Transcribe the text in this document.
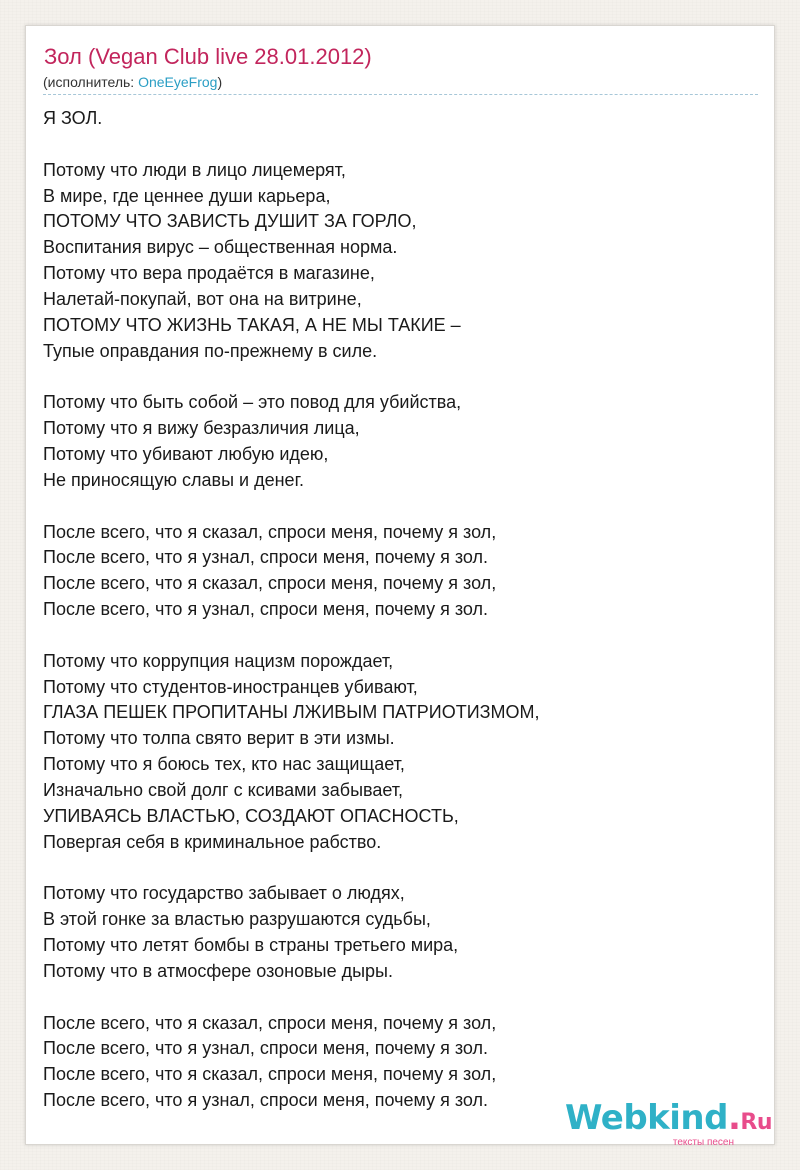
Зол (Vegan Club live 28.01.2012)
(исполнитель: OneEyeFrog)
Я ЗОЛ.
Потому что люди в лицо лицемерят,
В мире, где ценнее души карьера,
ПОТОМУ ЧТО ЗАВИСТЬ ДУШИТ ЗА ГОРЛО,
Воспитания вирус – общественная норма.
Потому что вера продаётся в магазине,
Налетай-покупай, вот она на витрине,
ПОТОМУ ЧТО ЖИЗНЬ ТАКАЯ, А НЕ МЫ ТАКИЕ –
Тупые оправдания по-прежнему в силе.
Потому что быть собой – это повод для убийства,
Потому что я вижу безразличия лица,
Потому что убивают любую идею,
Не приносящую славы и денег.
После всего, что я сказал, спроси меня, почему я зол,
После всего, что я узнал, спроси меня, почему я зол.
После всего, что я сказал, спроси меня, почему я зол,
После всего, что я узнал, спроси меня, почему я зол.
Потому что коррупция нацизм порождает,
Потому что студентов-иностранцев убивают,
ГЛАЗА ПЕШЕК ПРОПИТАНЫ ЛЖИВЫМ ПАТРИОТИЗМОМ,
Потому что толпа свято верит в эти измы.
Потому что я боюсь тех, кто нас защищает,
Изначально свой долг с ксивами забывает,
УПИВАЯСЬ ВЛАСТЬЮ, СОЗДАЮТ ОПАСНОСТЬ,
Повергая себя в криминальное рабство.
Потому что государство забывает о людях,
В этой гонке за властью разрушаются судьбы,
Потому что летят бомбы в страны третьего мира,
Потому что в атмосфере озоновые дыры.
После всего, что я сказал, спроси меня, почему я зол,
После всего, что я узнал, спроси меня, почему я зол.
После всего, что я сказал, спроси меня, почему я зол,
После всего, что я узнал, спроси меня, почему я зол.	Webkind.Ru
тексты песен
